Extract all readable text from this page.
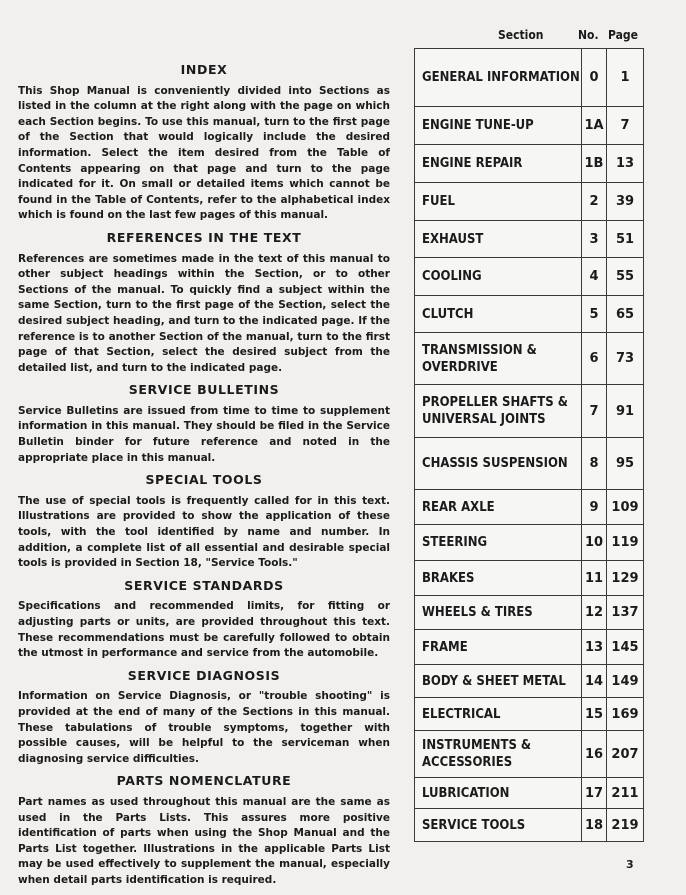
INDEX

This Shop Manual is conveniently divided into Sections as listed in the column at the right along with the page on which each Section begins. To use this manual, turn to the first page of the Section that would logically include the desired information. Select the item desired from the Table of Contents appearing on that page and turn to the page indicated for it. On small or detailed items which cannot be found in the Table of Contents, refer to the alphabetical index which is found on the last few pages of this manual.

REFERENCES IN THE TEXT

References are sometimes made in the text of this manual to other subject headings within the Section, or to other Sections of the manual. To quickly find a subject within the same Section, turn to the first page of the Section, select the desired subject heading, and turn to the indicated page. If the reference is to another Section of the manual, turn to the first page of that Section, select the desired subject from the detailed list, and turn to the indicated page.

SERVICE BULLETINS

Service Bulletins are issued from time to time to supplement information in this manual. They should be filed in the Service Bulletin binder for future reference and noted in the appropriate place in this manual.

SPECIAL TOOLS

The use of special tools is frequently called for in this text. Illustrations are provided to show the application of these tools, with the tool identified by name and number. In addition, a complete list of all essential and desirable special tools is provided in Section 18, "Service Tools."

SERVICE STANDARDS

Specifications and recommended limits, for fitting or adjusting parts or units, are provided throughout this text. These recommendations must be carefully followed to obtain the utmost in performance and service from the automobile.

SERVICE DIAGNOSIS

Information on Service Diagnosis, or "trouble shooting" is provided at the end of many of the Sections in this manual. These tabulations of trouble symptoms, together with possible causes, will be helpful to the serviceman when diagnosing service difficulties.

PARTS NOMENCLATURE

Part names as used throughout this manual are the same as used in the Parts Lists. This assures more positive identification of parts when using the Shop Manual and the Parts List together. Illustrations in the applicable Parts List may be used effectively to supplement the manual, especially when detail parts identification is required.

Section	No. Page
GENERAL INFORMATION	0	1
ENGINE TUNE-UP	1A	7
ENGINE REPAIR	1B	13
FUEL	2	39
EXHAUST	3	51
COOLING	4	55
CLUTCH	5	65
TRANSMISSION & OVERDRIVE	6	73
PROPELLER SHAFTS & UNIVERSAL JOINTS	7	91
CHASSIS SUSPENSION	8	95
REAR AXLE	9	109
STEERING	10	119
BRAKES	11	129
WHEELS & TIRES	12	137
FRAME	13	145
BODY & SHEET METAL	14	149
ELECTRICAL	15	169
INSTRUMENTS & ACCESSORIES	16	207
LUBRICATION	17	211
SERVICE TOOLS	18	219
3
